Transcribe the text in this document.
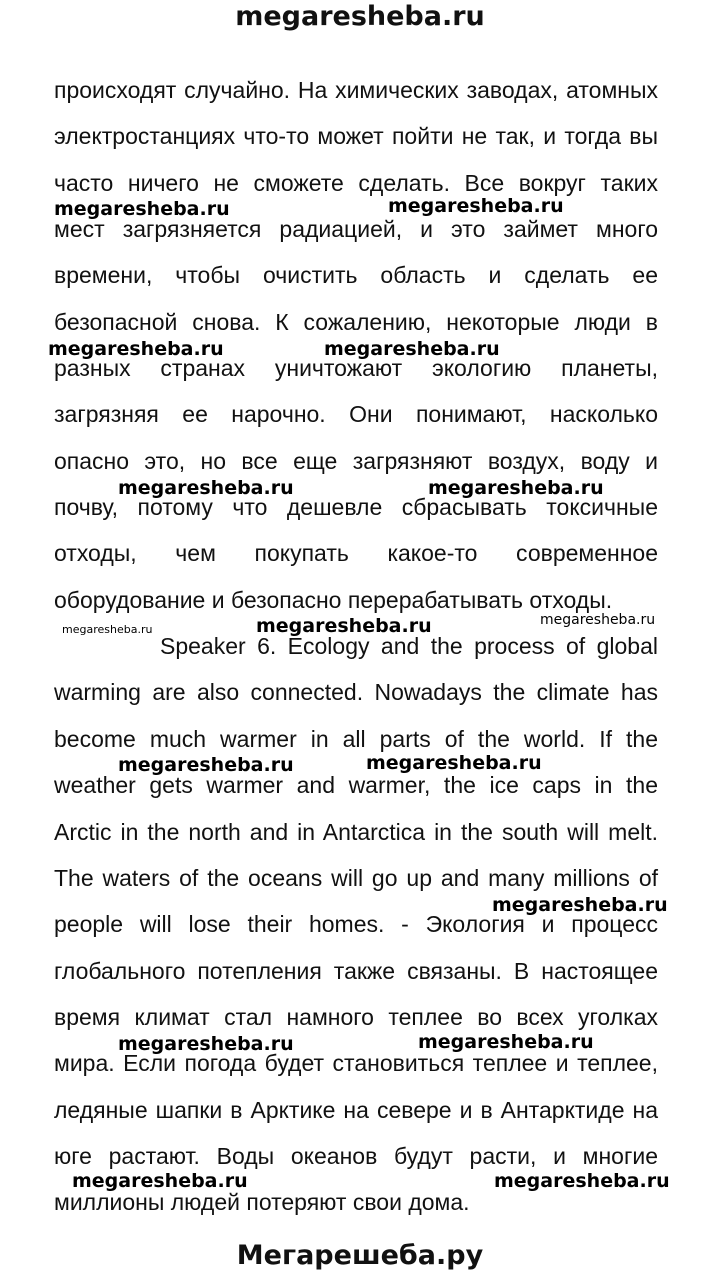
megaresheba.ru
происходят случайно. На химических заводах, атомных
электростанциях что-то может пойти не так, и тогда вы
часто ничего не сможете сделать. Все вокруг таких
мест загрязняется радиацией, и это займет много
времени, чтобы очистить область и сделать ее
безопасной снова. К сожалению, некоторые люди в
разных странах уничтожают экологию планеты,
загрязняя ее нарочно. Они понимают, насколько
опасно это, но все еще загрязняют воздух, воду и
почву, потому что дешевле сбрасывать токсичные
отходы, чем покупать какое-то современное
оборудование и безопасно перерабатывать отходы.
Speaker 6. Ecology and the process of global
warming are also connected. Nowadays the climate has
become much warmer in all parts of the world. If the
weather gets warmer and warmer, the ice caps in the
Arctic in the north and in Antarctica in the south will melt.
The waters of the oceans will go up and many millions of
people will lose their homes. - Экология и процесс
глобального потепления также связаны. В настоящее
время климат стал намного теплее во всех уголках
мира. Если погода будет становиться теплее и теплее,
ледяные шапки в Арктике на севере и в Антарктиде на
юге растают. Воды океанов будут расти, и многие
миллионы людей потеряют свои дома.
megaresheba.ru	megaresheba.ru
megaresheba.ru	megaresheba.ru
megaresheba.ru	megaresheba.ru
megaresheba.ru	megaresheba.ru	megaresheba.ru
megaresheba.ru	megaresheba.ru
megaresheba.ru
megaresheba.ru	megaresheba.ru
megaresheba.ru	megaresheba.ru
Мегарешеба.ру
